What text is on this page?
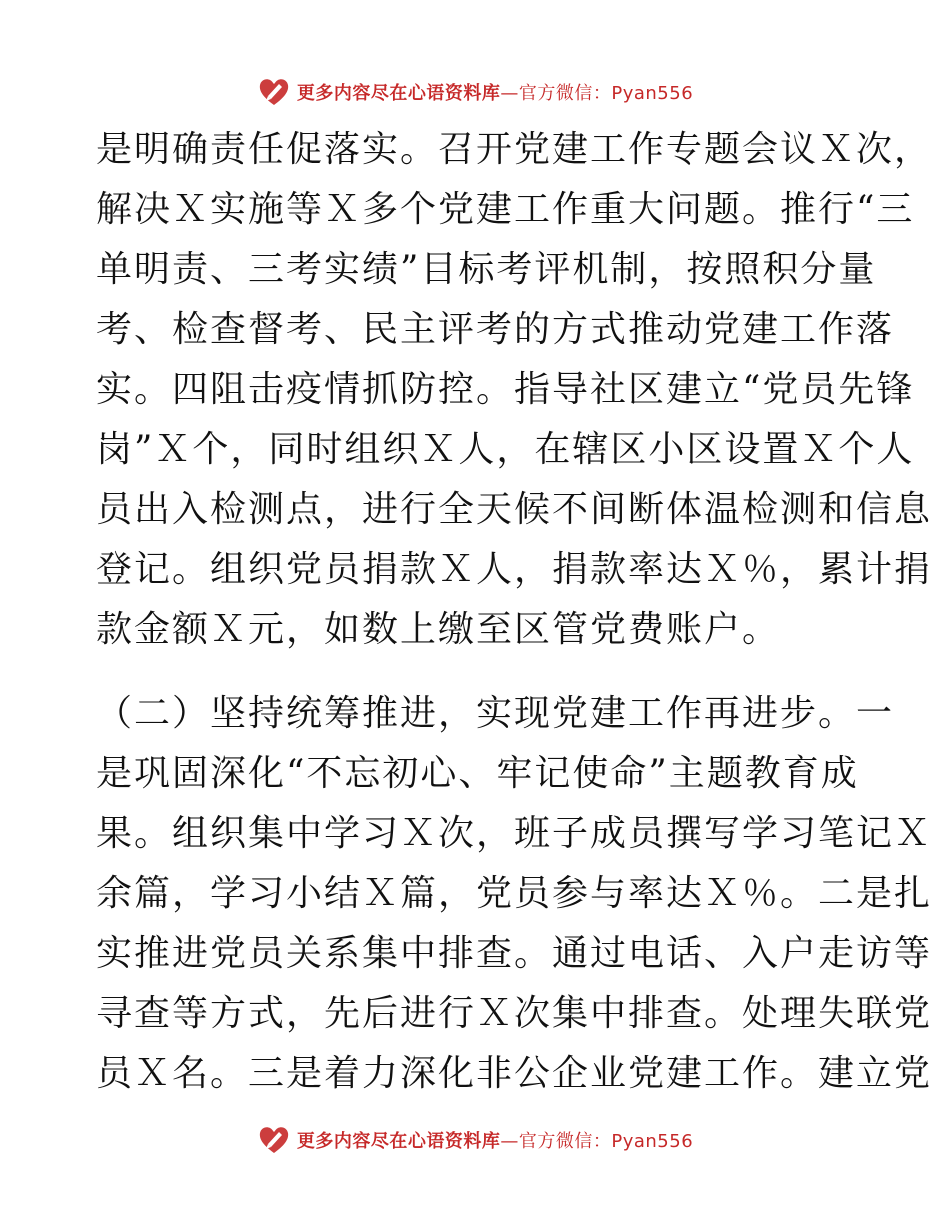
更多内容尽在心语资料库—官方微信：Pyan556
是明确责任促落实。召开党建工作专题会议Ｘ次，
解决Ｘ实施等Ｘ多个党建工作重大问题。推行“三
单明责、三考实绩”目标考评机制，按照积分量
考、检查督考、民主评考的方式推动党建工作落
实。四阻击疫情抓防控。指导社区建立“党员先锋
岗”Ｘ个，同时组织Ｘ人，在辖区小区设置Ｘ个人
员出入检测点，进行全天候不间断体温检测和信息
登记。组织党员捐款Ｘ人，捐款率达Ｘ％，累计捐
款金额Ｘ元，如数上缴至区管党费账户。
（二）坚持统筹推进，实现党建工作再进步。一
是巩固深化“不忘初心、牢记使命”主题教育成
果。组织集中学习Ｘ次，班子成员撰写学习笔记Ｘ
余篇，学习小结Ｘ篇，党员参与率达Ｘ％。二是扎
实推进党员关系集中排查。通过电话、入户走访等
寻查等方式，先后进行Ｘ次集中排查。处理失联党
员Ｘ名。三是着力深化非公企业党建工作。建立党
更多内容尽在心语资料库—官方微信：Pyan556
